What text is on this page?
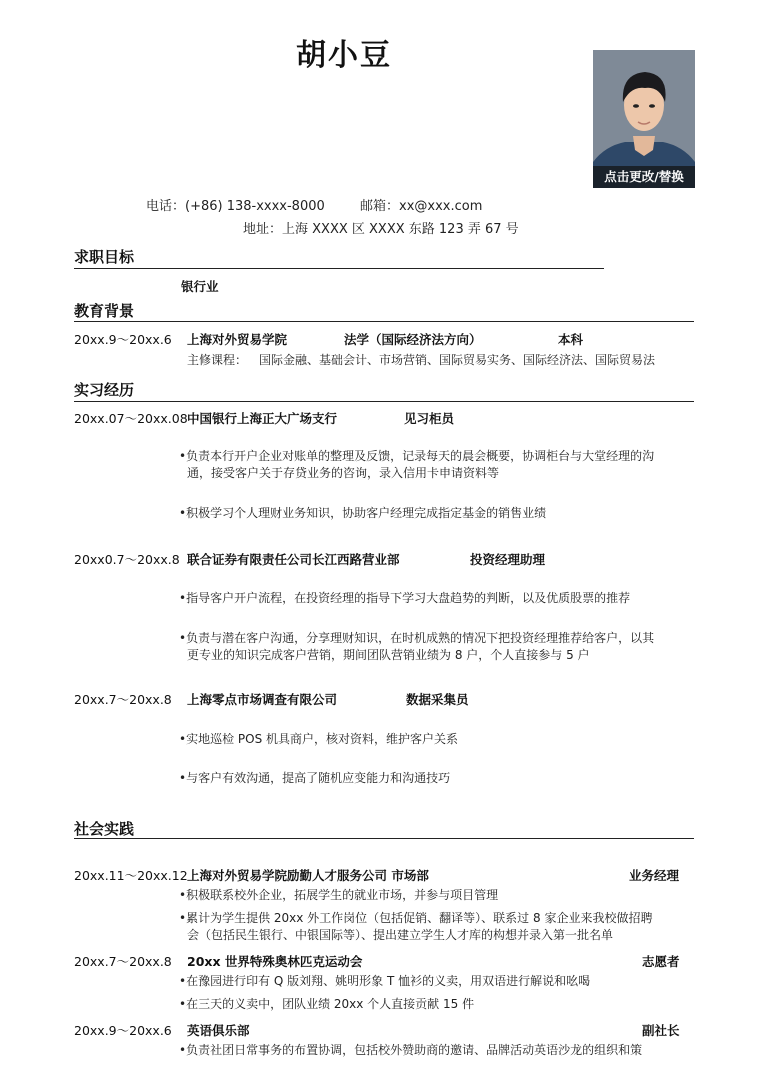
胡小豆
点击更改/替换
电话：(+86) 138-xxxx-8000	邮箱：xx@xxx.com
地址：上海 XXXX 区 XXXX 东路 123 弄 67 号
求职目标
银行业
教育背景
20xx.9～20xx.6 上海对外贸易学院	法学（国际经济法方向）	本科
主修课程： 国际金融、基础会计、市场营销、国际贸易实务、国际经济法、国际贸易法
实习经历
20xx.07～20xx.08 中国银行上海正大广场支行	见习柜员
•负责本行开户企业对账单的整理及反馈，记录每天的晨会概要，协调柜台与大堂经理的沟
通，接受客户关于存贷业务的咨询，录入信用卡申请资料等
•积极学习个人理财业务知识，协助客户经理完成指定基金的销售业绩
20xx0.7～20xx.8 联合证券有限责任公司长江西路营业部	投资经理助理
•指导客户开户流程，在投资经理的指导下学习大盘趋势的判断，以及优质股票的推荐
•负责与潜在客户沟通，分享理财知识，在时机成熟的情况下把投资经理推荐给客户，以其
更专业的知识完成客户营销，期间团队营销业绩为 8 户，个人直接参与 5 户
20xx.7～20xx.8 上海零点市场调查有限公司	数据采集员
•实地巡检 POS 机具商户，核对资料，维护客户关系
•与客户有效沟通，提高了随机应变能力和沟通技巧
社会实践
20xx.11～20xx.12 上海对外贸易学院励勤人才服务公司 市场部	业务经理
•积极联系校外企业，拓展学生的就业市场，并参与项目管理
•累计为学生提供 20xx 外工作岗位（包括促销、翻译等）、联系过 8 家企业来我校做招聘
会（包括民生银行、中银国际等）、提出建立学生人才库的构想并录入第一批名单
20xx.7～20xx.8 20xx 世界特殊奥林匹克运动会	志愿者
•在豫园进行印有 Q 版刘翔、姚明形象 T 恤衫的义卖，用双语进行解说和吆喝
•在三天的义卖中，团队业绩 20xx 个人直接贡献 15 件
20xx.9～20xx.6 英语俱乐部	副社长
•负责社团日常事务的布置协调，包括校外赞助商的邀请、品牌活动英语沙龙的组织和策
